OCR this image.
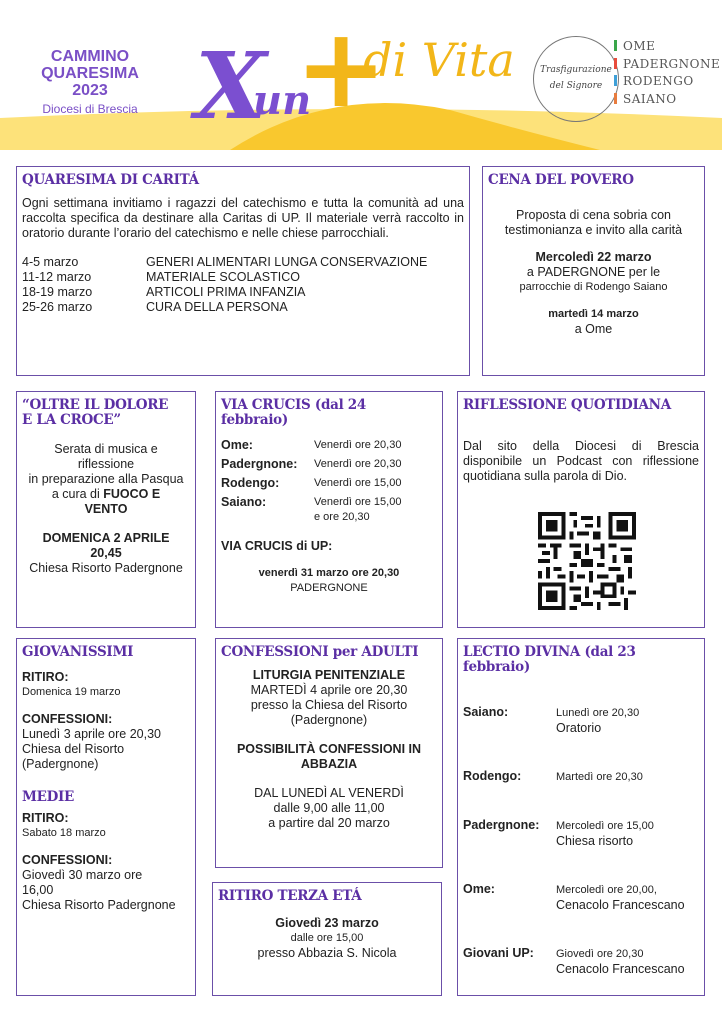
CAMMINO
QUARESIMA
2023
Diocesi di Brescia X
un
+
di Vita	Trasfigurazione
del Signore
OME
PADERGNONE
RODENGO
SAIANO
QUARESIMA DI CARITÁ

Ogni settimana invitiamo i ragazzi del catechismo e tutta la comunità ad una raccolta specifica da destinare alla Caritas di UP. Il materiale verrà raccolto in oratorio durante l’orario del catechismo e nelle chiese parrocchiali.

4-5 marzo	GENERI ALIMENTARI LUNGA CONSERVAZIONE
11-12 marzo	MATERIALE SCOLASTICO
18-19 marzo	ARTICOLI PRIMA INFANZIA
25-26 marzo	CURA DELLA PERSONA
CENA DEL POVERO

Proposta di cena sobria con testimonianza e invito alla carità

Mercoledì 22 marzo

a PADERGNONE per le

parrocchie di Rodengo Saiano

martedì 14 marzo

a Ome

“OLTRE IL DOLORE
E LA CROCE”

Serata di musica e

riflessione

in preparazione alla Pasqua

a cura di FUOCO E

VENTO

DOMENICA 2 APRILE

20,45

Chiesa Risorto Padergnone

VIA CRUCIS (dal 24 febbraio)
Ome:	Venerdì ore 20,30
Padergnone:	Venerdì ore 20,30
Rodengo:	Venerdì ore 15,00
Saiano:	Venerdì ore 15,00
e ore 20,30

VIA CRUCIS di UP:

venerdì 31 marzo ore 20,30

PADERGNONE

RIFLESSIONE QUOTIDIANA

Dal sito della Diocesi di Brescia disponibile un Podcast con riflessione quotidiana sulla parola di Dio.

GIOVANISSIMI

RITIRO:

Domenica 19 marzo

CONFESSIONI:

Lunedì 3 aprile ore 20,30

Chiesa del Risorto

(Padergnone)

MEDIE

RITIRO:

Sabato 18 marzo

CONFESSIONI:

Giovedì 30 marzo ore

16,00

Chiesa Risorto Padergnone

CONFESSIONI per ADULTI

LITURGIA PENITENZIALE

MARTEDÌ 4 aprile ore 20,30

presso la Chiesa del Risorto

(Padergnone)

POSSIBILITÀ CONFESSIONI IN

ABBAZIA

DAL LUNEDÌ AL VENERDÌ

dalle 9,00 alle 11,00

a partire dal 20 marzo

RITIRO TERZA ETÁ

Giovedì 23 marzo

dalle ore 15,00

presso Abbazia S. Nicola

LECTIO DIVINA (dal 23 febbraio)
Saiano:	Lunedì ore 20,30
Oratorio
Rodengo:	Martedì ore 20,30
Padergnone:	Mercoledì ore 15,00
Chiesa risorto
Ome:	Mercoledì ore 20,00,
Cenacolo Francescano
Giovani UP:	Giovedì ore 20,30
Cenacolo Francescano
